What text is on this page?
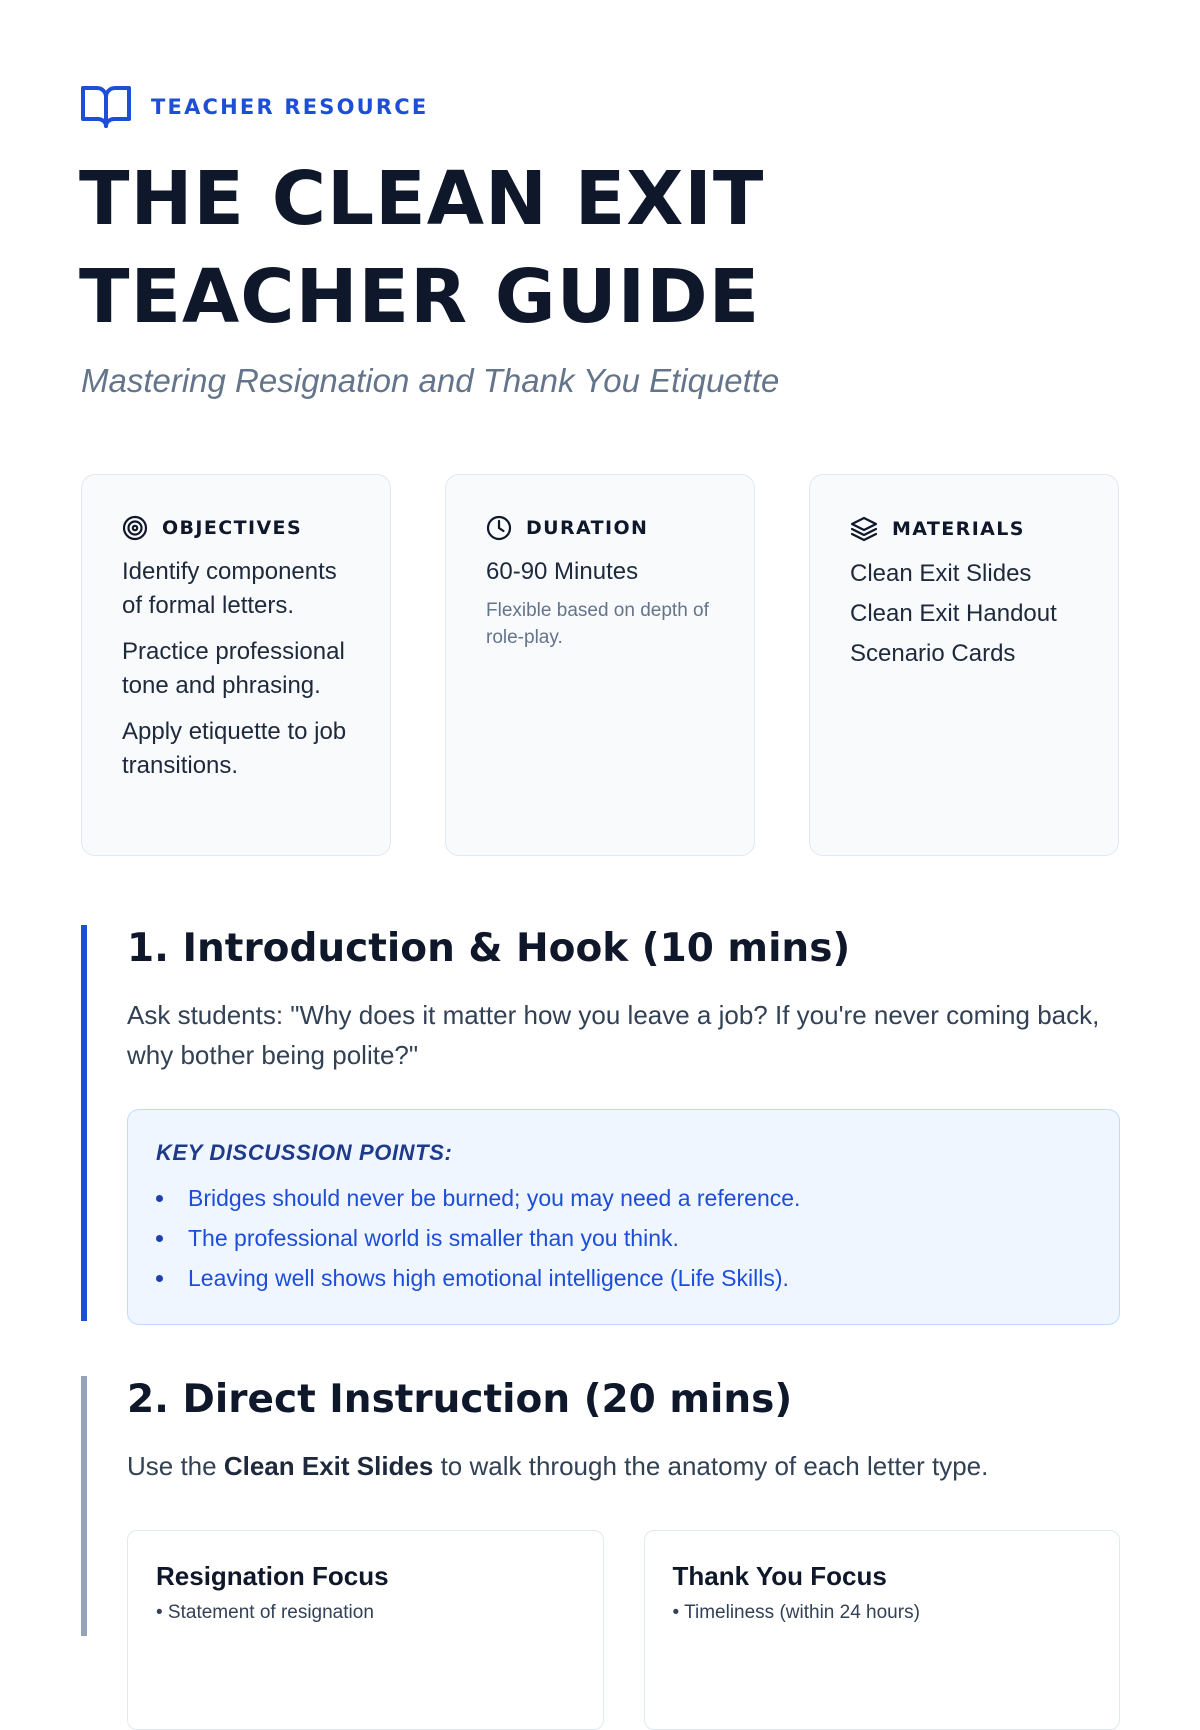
TEACHER RESOURCE
THE CLEAN EXIT
TEACHER GUIDE

Mastering Resignation and Thank You Etiquette

OBJECTIVES

Identify components of formal letters.

Practice professional tone and phrasing.

Apply etiquette to job transitions.

DURATION

60-90 Minutes

Flexible based on depth of role-play.

MATERIALS

Clean Exit Slides

Clean Exit Handout

Scenario Cards

1. Introduction & Hook (10 mins)

Ask students: "Why does it matter how you leave a job? If you're never coming back, why bother being polite?"

KEY DISCUSSION POINTS:

Bridges should never be burned; you may need a reference.
The professional world is smaller than you think.
Leaving well shows high emotional intelligence (Life Skills).
2. Direct Instruction (20 mins)

Use the Clean Exit Slides to walk through the anatomy of each letter type.

Resignation Focus

• Statement of resignation

Thank You Focus

• Timeliness (within 24 hours)
